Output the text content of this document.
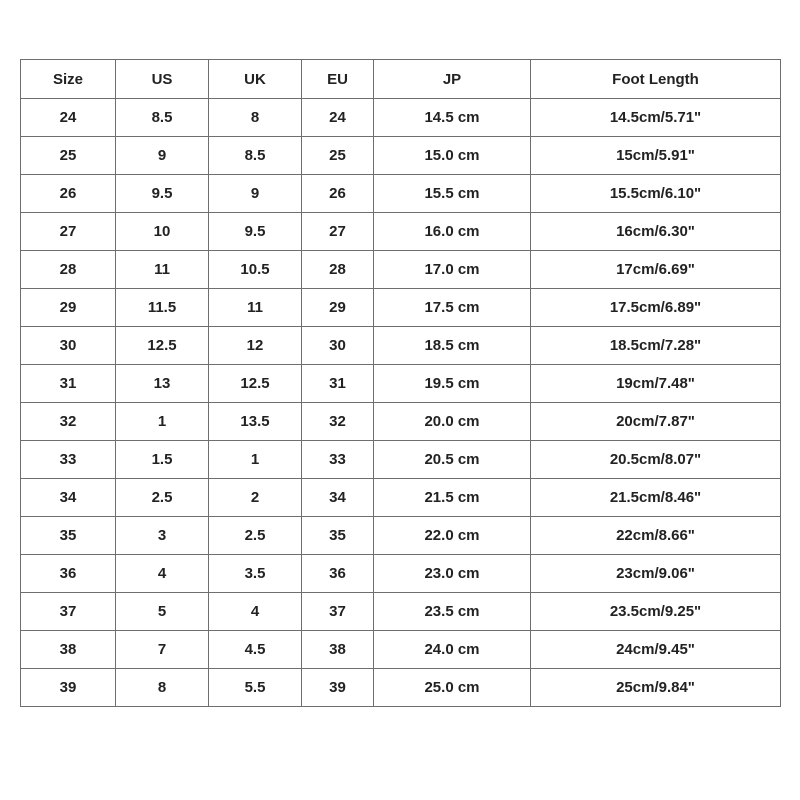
Size	US	UK	EU	JP	Foot Length
24	8.5	8	24	14.5 cm	14.5cm/5.71"
25	9	8.5	25	15.0 cm	15cm/5.91"
26	9.5	9	26	15.5 cm	15.5cm/6.10"
27	10	9.5	27	16.0 cm	16cm/6.30"
28	11	10.5	28	17.0 cm	17cm/6.69"
29	11.5	11	29	17.5 cm	17.5cm/6.89"
30	12.5	12	30	18.5 cm	18.5cm/7.28"
31	13	12.5	31	19.5 cm	19cm/7.48"
32	1	13.5	32	20.0 cm	20cm/7.87"
33	1.5	1	33	20.5 cm	20.5cm/8.07"
34	2.5	2	34	21.5 cm	21.5cm/8.46"
35	3	2.5	35	22.0 cm	22cm/8.66"
36	4	3.5	36	23.0 cm	23cm/9.06"
37	5	4	37	23.5 cm	23.5cm/9.25"
38	7	4.5	38	24.0 cm	24cm/9.45"
39	8	5.5	39	25.0 cm	25cm/9.84"
